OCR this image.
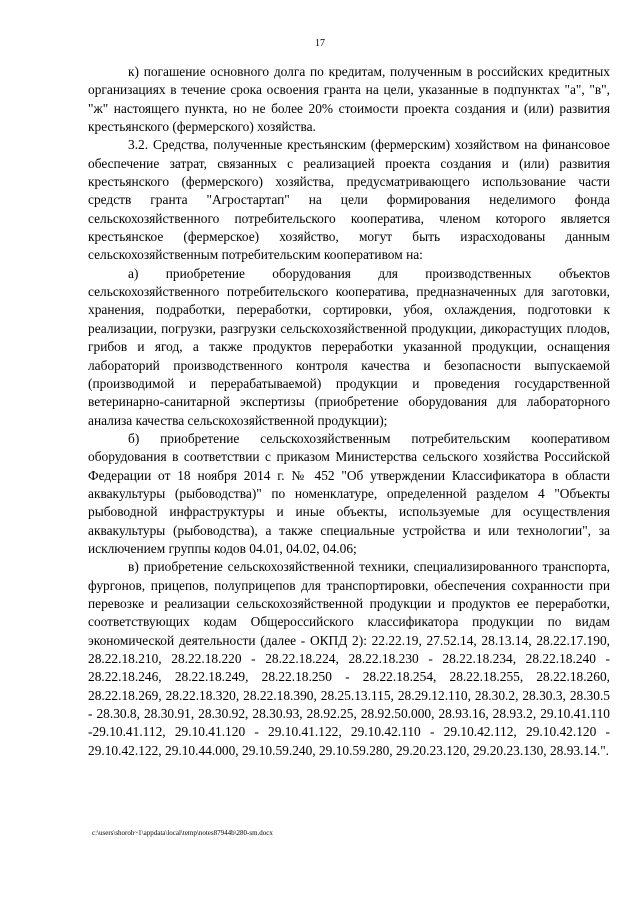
17

к) погашение основного долга по кредитам, полученным в российских кредитных организациях в течение срока освоения гранта на цели, указанные в подпунктах "а", "в", "ж" настоящего пункта, но не более 20% стоимости проекта создания и (или) развития крестьянского (фермерского) хозяйства.

3.2. Средства, полученные крестьянским (фермерским) хозяйством на финансовое обеспечение затрат, связанных с реализацией проекта создания и (или) развития крестьянского (фермерского) хозяйства, предусматривающего использование части средств гранта "Агростартап" на цели формирования неделимого фонда сельскохозяйственного потребительского кооператива, членом которого является крестьянское (фермерское) хозяйство, могут быть израсходованы данным сельскохозяйственным потребительским кооперативом на:

а) приобретение оборудования для производственных объектов сельскохозяйственного потребительского кооператива, предназначенных для заготовки, хранения, подработки, переработки, сортировки, убоя, охлаждения, подготовки к реализации, погрузки, разгрузки сельскохозяйственной продукции, дикорастущих плодов, грибов и ягод, а также продуктов переработки указанной продукции, оснащения лабораторий производственного контроля качества и безопасности выпускаемой (производимой и перерабатываемой) продукции и проведения государственной ветеринарно-санитарной экспертизы (приобретение оборудования для лабораторного анализа качества сельскохозяйственной продукции);

б) приобретение сельскохозяйственным потребительским кооперативом оборудования в соответствии с приказом Министерства сельского хозяйства Российской Федерации от 18 ноября 2014 г. № 452 "Об утверждении Классификатора в области аквакультуры (рыбоводства)" по номенклатуре, определенной разделом 4 "Объекты рыбоводной инфраструктуры и иные объекты, используемые для осуществления аквакультуры (рыбоводства), а также специальные устройства и или технологии", за исключением группы кодов 04.01, 04.02, 04.06;

в) приобретение сельскохозяйственной техники, специализированного транспорта, фургонов, прицепов, полуприцепов для транспортировки, обеспечения сохранности при перевозке и реализации сельскохозяйственной продукции и продуктов ее переработки, соответствующих кодам Общероссийского классификатора продукции по видам экономической деятельности (далее - ОКПД 2): 22.22.19, 27.52.14, 28.13.14, 28.22.17.190, 28.22.18.210, 28.22.18.220 - 28.22.18.224, 28.22.18.230 - 28.22.18.234, 28.22.18.240 - 28.22.18.246, 28.22.18.249, 28.22.18.250 - 28.22.18.254, 28.22.18.255, 28.22.18.260, 28.22.18.269, 28.22.18.320, 28.22.18.390, 28.25.13.115, 28.29.12.110, 28.30.2, 28.30.3, 28.30.5 - 28.30.8, 28.30.91, 28.30.92, 28.30.93, 28.92.25, 28.92.50.000, 28.93.16, 28.93.2, 29.10.41.110 -29.10.41.112, 29.10.41.120 - 29.10.41.122, 29.10.42.110 - 29.10.42.112, 29.10.42.120 - 29.10.42.122, 29.10.44.000, 29.10.59.240, 29.10.59.280, 29.20.23.120, 29.20.23.130, 28.93.14.".

c:\users\shoroh~1\appdata\local\temp\notes87944b\280-sm.docx
